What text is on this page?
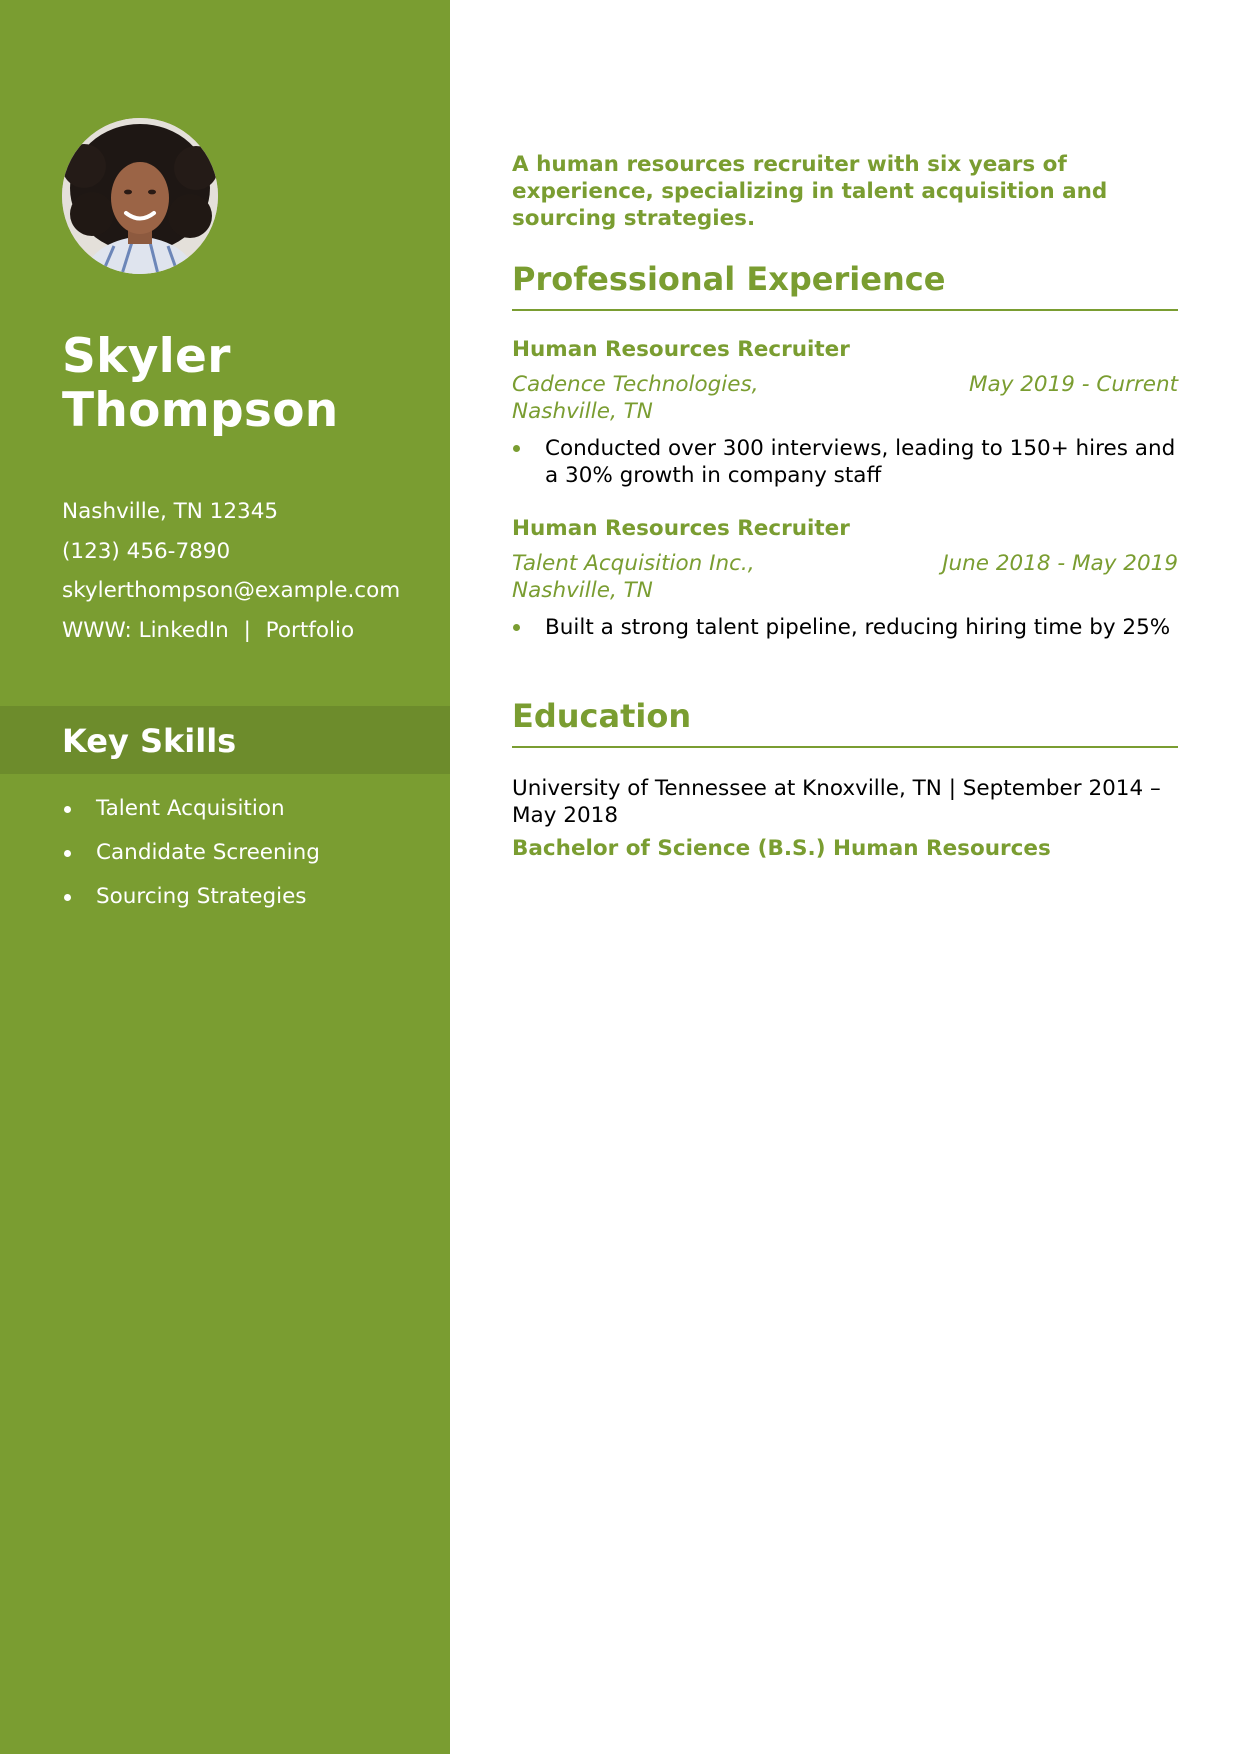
Skyler
Thompson
Nashville, TN 12345
(123) 456-7890
skylerthompson@example.com
WWW: LinkedIn | Portfolio
Key Skills
Talent Acquisition
Candidate Screening
Sourcing Strategies

A human resources recruiter with six years of experience, specializing in talent acquisition and sourcing strategies.

Professional Experience
Human Resources Recruiter
Cadence Technologies, Nashville, TN
May 2019 - Current
Conducted over 300 interviews, leading to 150+ hires and a 30% growth in company staff
Human Resources Recruiter
Talent Acquisition Inc., Nashville, TN
June 2018 - May 2019
Built a strong talent pipeline, reducing hiring time by 25%
Education
University of Tennessee at Knoxville, TN | September 2014 – May 2018
Bachelor of Science (B.S.) Human Resources
